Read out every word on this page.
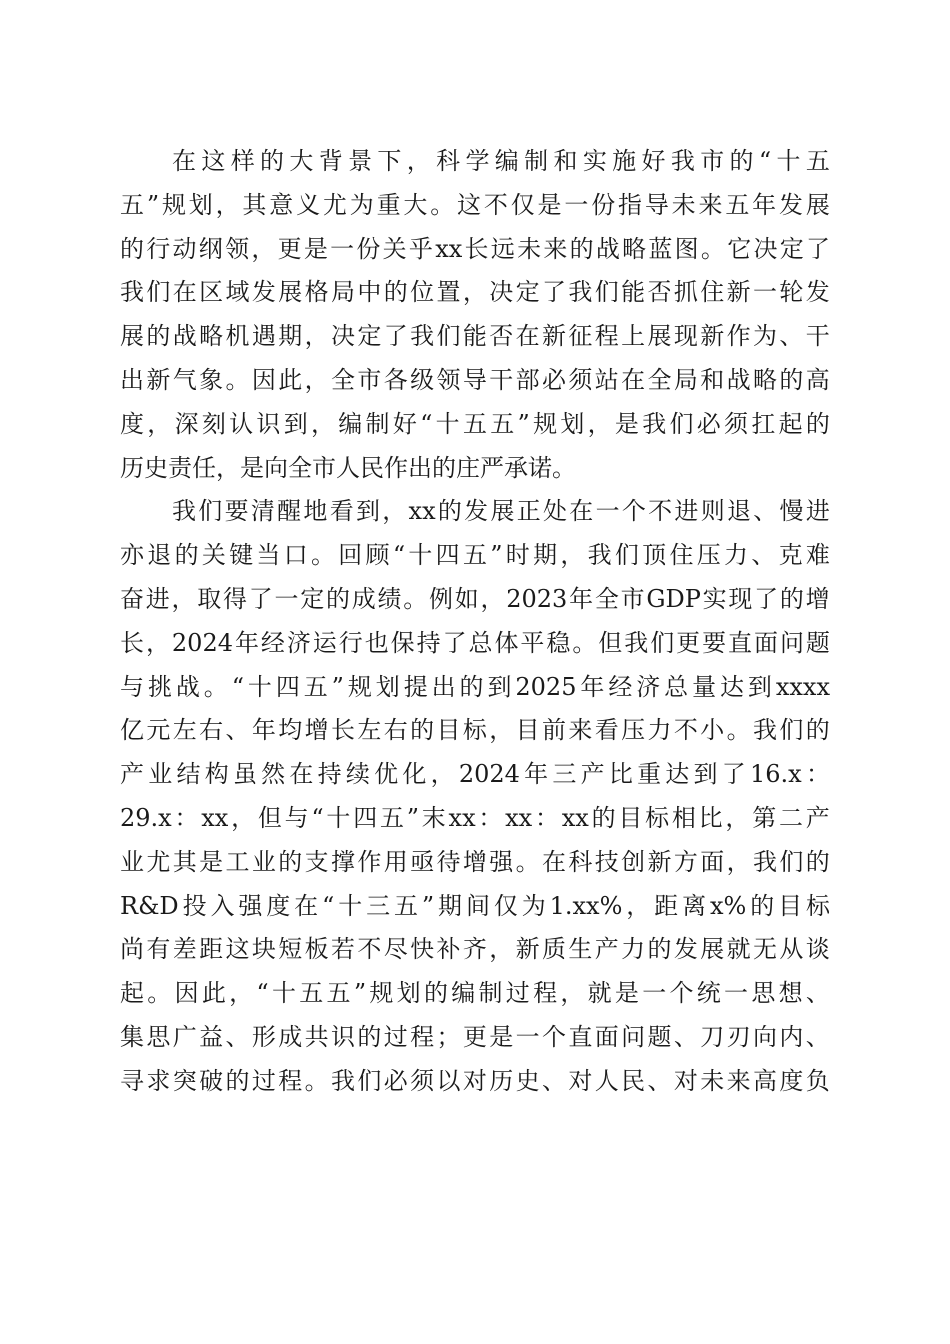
在 这 样 的 大 背 景 下 ， 科 学 编 制 和 实 施 好 我 市 的 “ 十 五
五 ” 规 划 ， 其 意 义 尤 为 重 大 。 这 不 仅 是 一 份 指 导 未 来 五 年 发 展
的 行 动 纲 领 ， 更 是 一 份 关 乎 xx 长 远 未 来 的 战 略 蓝 图 。 它 决 定 了
我 们 在 区 域 发 展 格 局 中 的 位 置 ， 决 定 了 我 们 能 否 抓 住 新 一 轮 发
展 的 战 略 机 遇 期 ， 决 定 了 我 们 能 否 在 新 征 程 上 展 现 新 作 为 、 干
出 新 气 象 。 因 此 ， 全 市 各 级 领 导 干 部 必 须 站 在 全 局 和 战 略 的 高
度 ， 深 刻 认 识 到 ， 编 制 好 “ 十 五 五 ” 规 划 ， 是 我 们 必 须 扛 起 的
历 史 责 任 ， 是 向 全 市 人 民 作 出 的 庄 严 承 诺 。
我 们 要 清 醒 地 看 到 ， xx 的 发 展 正 处 在 一 个 不 进 则 退 、 慢 进
亦 退 的 关 键 当 口 。 回 顾 “ 十 四 五 ” 时 期 ， 我 们 顶 住 压 力 、 克 难
奋 进 ， 取 得 了 一 定 的 成 绩 。 例 如 ， 2023 年 全 市 GDP 实 现 了 的 增
长 ， 2024 年 经 济 运 行 也 保 持 了 总 体 平 稳 。 但 我 们 更 要 直 面 问 题
与 挑 战 。 “ 十 四 五 ” 规 划 提 出 的 到 2025 年 经 济 总 量 达 到 xxxx
亿 元 左 右 、 年 均 增 长 左 右 的 目 标 ， 目 前 来 看 压 力 不 小 。 我 们 的
产 业 结 构 虽 然 在 持 续 优 化 ， 2024 年 三 产 比 重 达 到 了 16.x ：
29.x ： xx ， 但 与 “ 十 四 五 ” 末 xx ： xx ： xx 的 目 标 相 比 ， 第 二 产
业 尤 其 是 工 业 的 支 撑 作 用 亟 待 增 强 。 在 科 技 创 新 方 面 ， 我 们 的
R&D 投 入 强 度 在 “ 十 三 五 ” 期 间 仅 为 1.xx% ， 距 离 x% 的 目 标
尚 有 差 距 这 块 短 板 若 不 尽 快 补 齐 ， 新 质 生 产 力 的 发 展 就 无 从 谈
起 。 因 此 ， “ 十 五 五 ” 规 划 的 编 制 过 程 ， 就 是 一 个 统 一 思 想 、
集 思 广 益 、 形 成 共 识 的 过 程 ； 更 是 一 个 直 面 问 题 、 刀 刃 向 内 、
寻 求 突 破 的 过 程 。 我 们 必 须 以 对 历 史 、 对 人 民 、 对 未 来 高 度 负
